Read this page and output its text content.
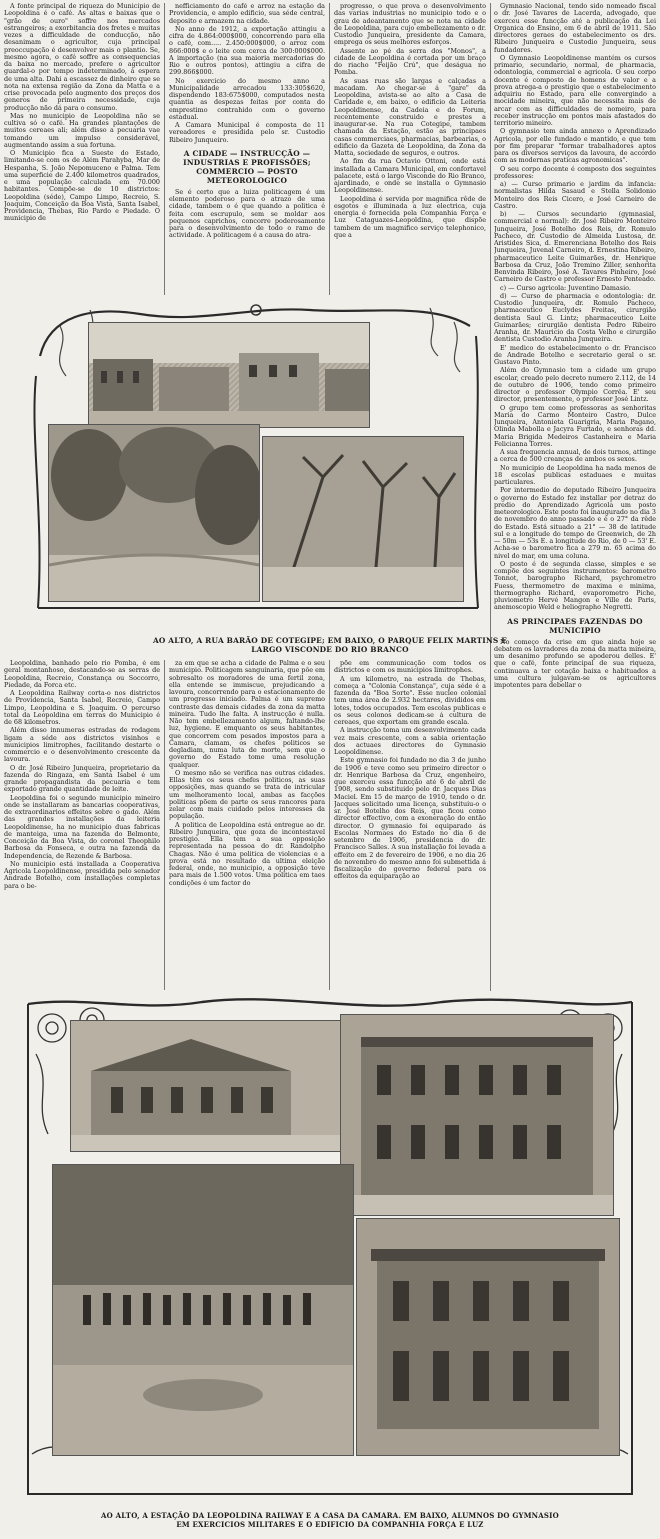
A fonte principal de riqueza do Municipio de Leopoldina é o café. As altas e baixas que o "grão de ouro" soffre nos mercados estrangeiros; a exorbitancia dos fretes e muitas vezes a difficuldade de conducção, não desanimam o agricultor, cuja principal preoccupação é desenvolver mais o plantio. Se, mesmo agora, o café soffre as consequencias da baixa no mercado, prefere o agricultor guardal-o por tempo indeterminado, á espera de uma alta. Dahi a escassez de dinheiro que se nota na extensa região da Zona da Matta e a crise provocada pelo augmento dos preços dos generos de primeira necessidade, cuja producção não dá para o consumo.

Mas no municipio de Leopoldina não se cultiva só o café. Ha grandes plantações de muitos cereaes ali; além disso a pecuaria vae tomando um impulso considerável, augmentando assim a sua fortuna.

O Municipio fica a Sueste do Estado, limitando-se com os de Além Parahyba, Mar de Hespanha, S. João Nepomuceno e Palma. Tem uma superficie de 2.400 kilometros quadrados, e uma população calculada em 70.000 habitantes. Compõe-se de 10 districtos: Leopoldina (séde), Campo Limpo, Recreio, S. Joaquim, Conceição da Boa Vista, Santa Isabel, Providencia, Thebas, Rio Pardo e Piedade. O municipio de

nefficiamento do café e arroz na estação da Providencia, e amplo edificio, sua séde central, deposito e armazem na cidade.

No anno de 1912, a exportação attingiu a cifra de 4.864:000$000, concorrendo para ella o café, com..... 2.450:000$000, o arroz com 866:000$ e o leite com cerca de 300:000$000. A importação (na sua maioria mercadorias do Rio e outros pontos), attingiu a cifra de 299.866$000.

No exercicio do mesmo anno a Municipalidade arrecadou 133:305$620, dispendendo 183:675$000, computados nesta quantia as despezas feitas por conta do emprestimo contrahido com o governo estadual.

A Camara Municipal é composta de 11 vereadores e presidida pelo sr. Custodio Ribeiro Junqueiro.

A CIDADE — INSTRUCÇÃO — INDUSTRIAS E PROFISSÕES; COMMERCIO — POSTO METEOROLOGICO

Se é certo que a luiza politicagem é um elemento poderoso para o atrazo de uma cidade, tambem o é que quando a politica é feita com escrupulo, sem se moldar aos pequenos caprichos, concorre poderosamente para o desenvolvimento de todo o ramo de actividade. A politicagem é a causa do atra-

progresso, o que prova o desenvolvimento das varias industrias no municipio todo e o grau de adeantamento que se nota na cidade de Leopoldina, para cujo embellezamento o dr. Custodio Junqueira, presidente da Camara, emprega os seus melhores esforços.

Assente ao pé da serra dos "Monos", a cidade de Leopoldina é cortada por um braço do riacho "Feijão Crú", que deságua no Pomba.

As suas ruas são largas e calçadas a macadam. Ao chegar-se á "gare" da Leopoldina, avista-se ao alto a Casa de Caridade e, em baixo, o edificio da Leiteria Leopoldinense, da Cadeia e do Forum, recentemente construido e prestes a inaugurar-se. Na rua Cotegipe, tambem chamada da Estação, estão as principaes casas commerciaes, pharmacias, barbearias, o edificio da Gazeta de Leopoldina, da Zona da Matta, sociedade de seguros, e outros.

Ao fim da rua Octavio Ottoni, onde está installada a Camara Municipal, em confortavel palacete, está o largo Visconde do Rio Branco, ajardinado, e onde se installa o Gymnasio Leopoldinense.

Leopoldina é servida por magnifica rêde de esgotos e illuminada a luz electrica, cuja energia é fornecida pela Companhia Força e Luz Cataguazes-Leopoldina, que dispõe tambem de um magnifico serviço telephonico, que a

Gymnasio Nacional, tendo sido nomeado fiscal o dr. José Tavares de Lacerda, advogado, que exerceu esse funcção até a publicação da Lei Organica do Ensino, em 6 de abril de 1911. São directores geraes do estabelecimento os drs. Ribeiro Junqueira e Custodio Junqueira, seus fundadores.

O Gymnasio Leopoldinense mantém os cursos primario, secundario, normal, de pharmacia, odontologia, commercial e agricola. O seu corpo docente é composto de homens de valor e a prova atrega-a o prestigio que o estabelecimento adquiriu no Estado, para elle convergindo a mocidade mineira, que não necessita mais de arcar com as difficuldades de nomeiro, para receber instrucção em pontos mais afastados do territorio mineiro.

O gymnasio tem ainda annexo o Aprendizado Agricola, por elle fundado e mantido, e que tem por fim preparar "formar trabalhadores aptos para os diversos serviços da lavoura, de accordo com as modernas praticas agronomicas".

O seu corpo docente é composto dos seguintes professores:

a) — Curso primario e jardim da infancia: normalistas Hilda Sasaud e Stella Solidonio Monteiro dos Reis Cicero, e José Carneiro de Castro.

b) — Cursos secundario (gymnasial, commercial e normal): dr. José Ribeiro Monteiro Junqueira, José Botelho dos Reis, dr. Romulo Pacheco, dr. Custodio de Almeida Lustosa, dr. Aristides Sica, d. Emerenciana Botelho dos Reis Junqueira, Juvenal Carneiro, d. Ernestina Ribeiro, pharmaceutico Leite Guimarães, dr. Henrique Barbosa da Cruz, João Tremino Ziller, senhorita Benvinda Ribeiro, José A. Tavares Pinheiro, José Carneiro de Castro e professor Ernesto Penteado.

c) — Curso agricola: Juventino Damasio.

d) — Curso de pharmacia e odontologia: dr. Custodio Junqueira, dr. Romulo Pacheco, pharmaceutico Euclydes Freitas, cirurgião dentista Saul G. Lintz; pharmaceutico Leite Guimarães; cirurgião dentista Pedro Ribeiro Aranha, dr. Mauricio da Costa Velho e cirurgião dentista Custodio Aranha Junqueira.

E' medico do estabelecimento o dr. Francisco de Andrade Botelho e secretario geral o sr. Gustavo Pinto.

Além do Gymnasio tem a cidade um grupo escolar, creado pelo decreto numero 2.112, de 14 de outubro de 1906, tendo como primeiro director o professor Olympio Corrêa. E' seu director, presentemente, o professor José Lintz.

O grupo tem como professoras as senhoritas Maria do Carmo Monteiro Castro, Dulce Junqueira, Antonieta Guarigria, Maria Pagano, Olinda Mabolla e Jacyra Furtado, e senhoras dd. Maria Brigida Medeiros Castanheira e Maria Felicianna Torres.

A sua frequencia annual, de dois turnos, attinge a cerca de 500 creanças de ambos os sexos.

No municipio de Leopoldina ha nada menos de 18 escolas publicas estaduaes e muitas particulares.

Por intermedio do deputado Ribeiro Junqueira o governo do Estado fez installar por detraz do predio do Aprendizado Agricola um posto meteorologico. Este posto foi inaugurado no dia 3 de novembro do anno passado e é o 27° da rêde do Estado. Está situado a 21° — 38 de latitude sul e a longitude do tempo de Greenwich, de 2h — 50m — 53s E. a longitude do Rio, de 0 — 53' E. Acha-se o barometro fica a 279 m. 65 acima do nivel do mar, em uma coluna.

O posto é de segunda classe, simples e se compõe dos seguintes instrumentos: barometro Tonnot, barographo Richard, psychrometro Fuess, thermometro de maxima e minima, thermographo Richard, evaporometro Piche, pluviometro Hervé Mangon e Ville de Paris, anemoscopio Weld e heliographo Negretti.

AS PRINCIPAES FAZENDAS DO MUNICIPIO

No começo da crise em que ainda hoje se debatem os lavradores da zona da matta mineira, um desanimo profundo se apoderou delles. E' que o café, fonte principal de sua riqueza, continuava a ter cotação baixa e habituados a uma cultura julgavam-se os agricultores impotentes para debellar o

AO ALTO, A RUA BARÃO DE COTEGIPE; EM BAIXO, O PARQUE FELIX MARTINS E
LARGO VISCONDE DO RIO BRANCO

Leopoldina, banhado pelo rio Pomba, é em geral montanhoso, destacando-se as serras de Leopoldina, Recreio, Constança ou Soccorro, Piedade, da Forca etc.

A Leopoldina Railway corta-o nos districtos de Providencia, Santa Isabel, Recreio, Campo Limpo, Leopoldina e S. Joaquim. O percurso total da Leopoldina em terras do Municipio é de 68 kilometros.

Além disso innumeras estradas de rodagem ligam a séde aos districtos visinhos e municipios limitrophes, facilitando destarte o commercio e o desenvolvimento crescente da lavoura.

O dr. José Ribeiro Junqueira, proprietario da fazenda do Ringaza, em Santa Isabel é um grande propagandista da pecuaria e tem exportado grande quantidade de leite.

Leopoldina foi o segundo municipio mineiro onde se installaram as bancarias cooperativas, de extraordinarios effeitos sobre o gado. Além das grandes installações da leiteria Leopoldinense, ha no municipio duas fabricas de manteiga, uma na fazenda do Belmonte, Conceição da Boa Vista, do coronel Theophilo Barbosa da Fonseca, e outra na fazenda da Independencia, de Rezende & Barbosa.

No municipio está installada a Cooperativa Agricola Leopoldinense, presidida pelo senador Andrade Botelho, com installações completas para o be-

za em que se acha a cidade de Palma e o seu municipio. Politicagem sanguinaria, que pôe em sobresalto os moradores de uma fertil zona, ella entende se immiscue, prejudicando a lavoura, concorrendo para o estacionamento de um progresso iniciado. Palma é um supremo contraste das demais cidades da zona da matta mineira. Tudo lhe falta. A instrucção é nulla. Não tem embellezamento algum, faltando-lhe luz, hygiene. E emquanto os seus habitantes, que concorrem com pesados impostos para a Camara, clamam, os chefes politicos se degladiam, numa luta de morte, sem que o governo do Estado tome uma resolução qualquer.

O mesmo não se verifica nas outras cidades. Ellas têm os seus chefes politicos, as suas opposições, mas quando se trata de intricular um melhoramento local, ambas as facções politicas põem de parte os seus rancores para zelar com mais cuidado pelos interesses da população.

A politica de Leopoldina está entregue ao dr. Ribeiro Junqueira, que goza de incontestavel prestigio. Ella tem a sua opposição representada na pessoa do dr. Randolpho Chagas. Não é uma politica de violencias e a prova está no resultado da ultima eleição federal, onde, no municipio, a opposição teve para mais de 1.500 votos. Uma politica em taes condições é um factor do

põe em communicação com todos os districtos e com os municipios limitrophes.

A um kilometro, na estrada de Thebas, começa a "Colonia Constança", cuja séde é a fazenda da "Boa Sorte". Esse nucleo colonial tem uma área de 2.932 hectares, divididos em lotes, todos occupados. Tem escolas publicas e os seus colonos dedicam-se á cultura de cereaes, que exportam em grande escala.

A instrucção toma um desenvolvimento cada vez mais crescente, com a sabia orientação dos actuaes directores do Gymnasio Leopoldinense.

Este gymnasio foi fundado no dia 3 de junho de 1906 e teve como seu primeiro director o dr. Henrique Barbosa da Cruz, engenheiro, que exerceu essa funcção até 6 de abril de 1908, sendo substituido pelo dr. Jacques Dias Maciel. Em 15 de março de 1910, tendo o dr. Jacques solicitado uma licença, substituiu-o o sr. José Botelho dos Reis, que ficou como director effectivo, com a exoneração do então director. O gymnasio foi equiparado ás Escolas Normaes do Estado no dia 6 de setembro de 1906, presidencia do dr. Francisco Salles. A sua installação foi levada a effeito em 2 de fevereiro de 1906, e no dia 26 de novembro do mesmo anno foi submettida á fiscalização do governo federal para os effeitos da equiparação ao

AO ALTO, A ESTAÇÃO DA LEOPOLDINA RAILWAY E A CASA DA CAMARA. EM BAIXO, ALUMNOS DO GYMNASIO
EM EXERCICIOS MILITARES E O EDIFICIO DA COMPANHIA FORÇA E LUZ
